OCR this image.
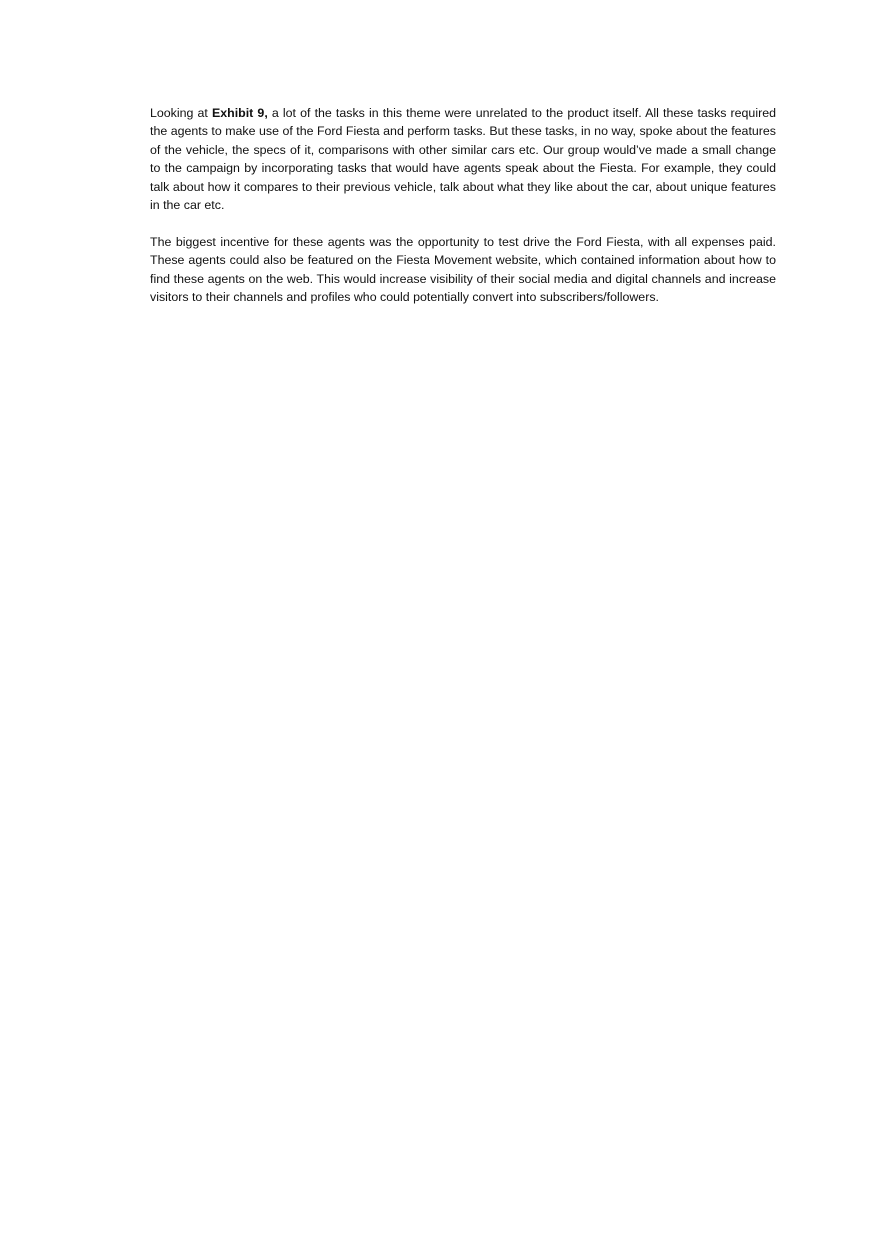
Looking at Exhibit 9, a lot of the tasks in this theme were unrelated to the product itself. All these tasks required the agents to make use of the Ford Fiesta and perform tasks. But these tasks, in no way, spoke about the features of the vehicle, the specs of it, comparisons with other similar cars etc. Our group would’ve made a small change to the campaign by incorporating tasks that would have agents speak about the Fiesta. For example, they could talk about how it compares to their previous vehicle, talk about what they like about the car, about unique features in the car etc.

The biggest incentive for these agents was the opportunity to test drive the Ford Fiesta, with all expenses paid. These agents could also be featured on the Fiesta Movement website, which contained information about how to find these agents on the web. This would increase visibility of their social media and digital channels and increase visitors to their channels and profiles who could potentially convert into subscribers/followers.
